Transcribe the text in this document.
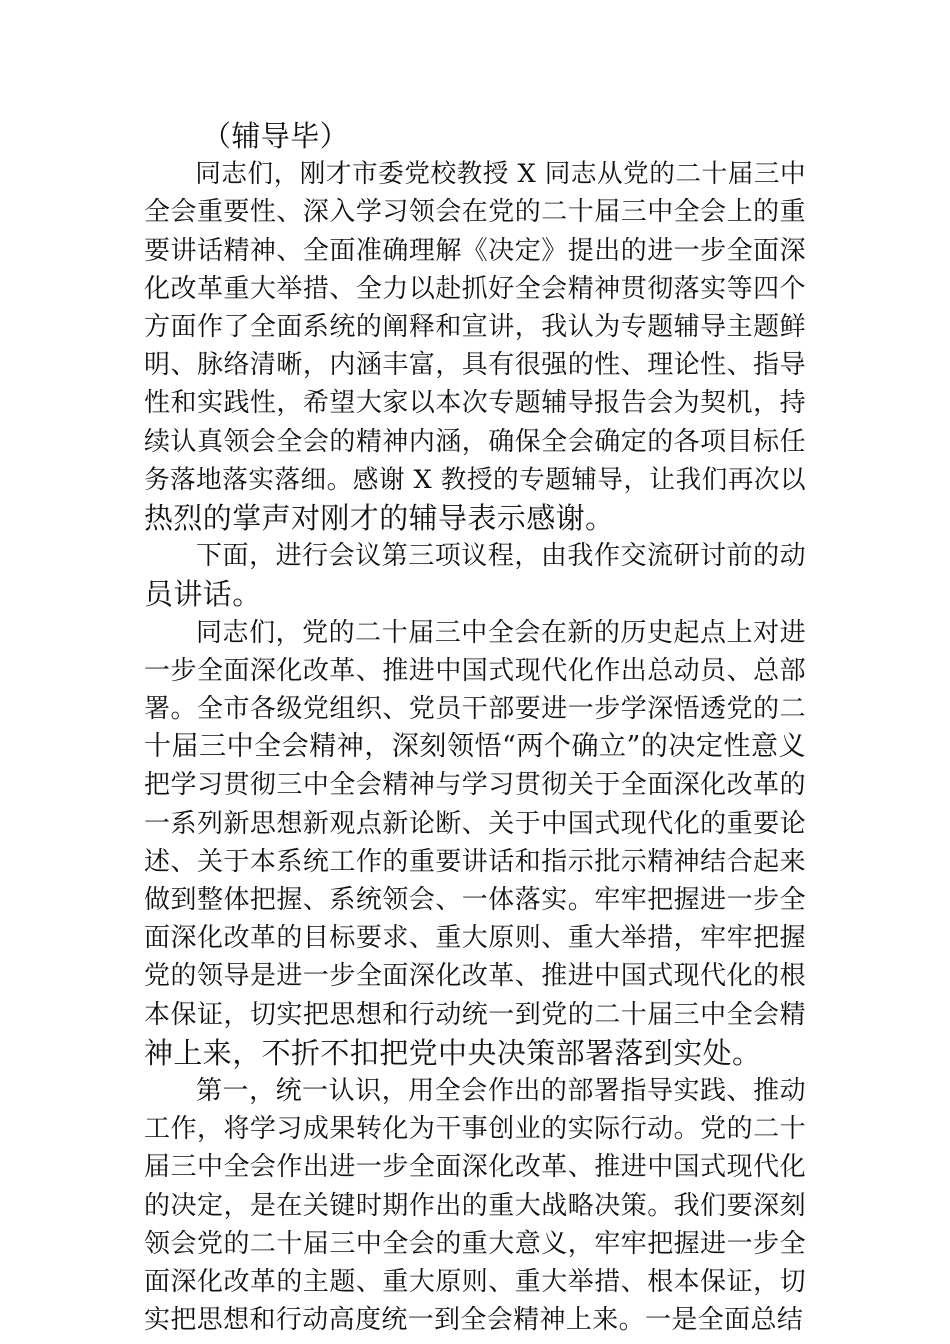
（辅导毕）
同志们，刚才市委党校教授 X 同志从党的二十届三中
全会重要性、深入学习领会在党的二十届三中全会上的重
要讲话精神、全面准确理解《决定》提出的进一步全面深
化改革重大举措、全力以赴抓好全会精神贯彻落实等四个
方面作了全面系统的阐释和宣讲，我认为专题辅导主题鲜
明、脉络清晰，内涵丰富，具有很强的性、理论性、指导
性和实践性，希望大家以本次专题辅导报告会为契机，持
续认真领会全会的精神内涵，确保全会确定的各项目标任
务落地落实落细。感谢 X 教授的专题辅导，让我们再次以
热烈的掌声对刚才的辅导表示感谢。
下面，进行会议第三项议程，由我作交流研讨前的动
员讲话。
同志们，党的二十届三中全会在新的历史起点上对进
一步全面深化改革、推进中国式现代化作出总动员、总部
署。全市各级党组织、党员干部要进一步学深悟透党的二
十届三中全会精神，深刻领悟“两个确立”的决定性意义
把学习贯彻三中全会精神与学习贯彻关于全面深化改革的
一系列新思想新观点新论断、关于中国式现代化的重要论
述、关于本系统工作的重要讲话和指示批示精神结合起来
做到整体把握、系统领会、一体落实。牢牢把握进一步全
面深化改革的目标要求、重大原则、重大举措，牢牢把握
党的领导是进一步全面深化改革、推进中国式现代化的根
本保证，切实把思想和行动统一到党的二十届三中全会精
神上来，不折不扣把党中央决策部署落到实处。
第一，统一认识，用全会作出的部署指导实践、推动
工作，将学习成果转化为干事创业的实际行动。党的二十
届三中全会作出进一步全面深化改革、推进中国式现代化
的决定，是在关键时期作出的重大战略决策。我们要深刻
领会党的二十届三中全会的重大意义，牢牢把握进一步全
面深化改革的主题、重大原则、重大举措、根本保证，切
实把思想和行动高度统一到全会精神上来。一是全面总结
